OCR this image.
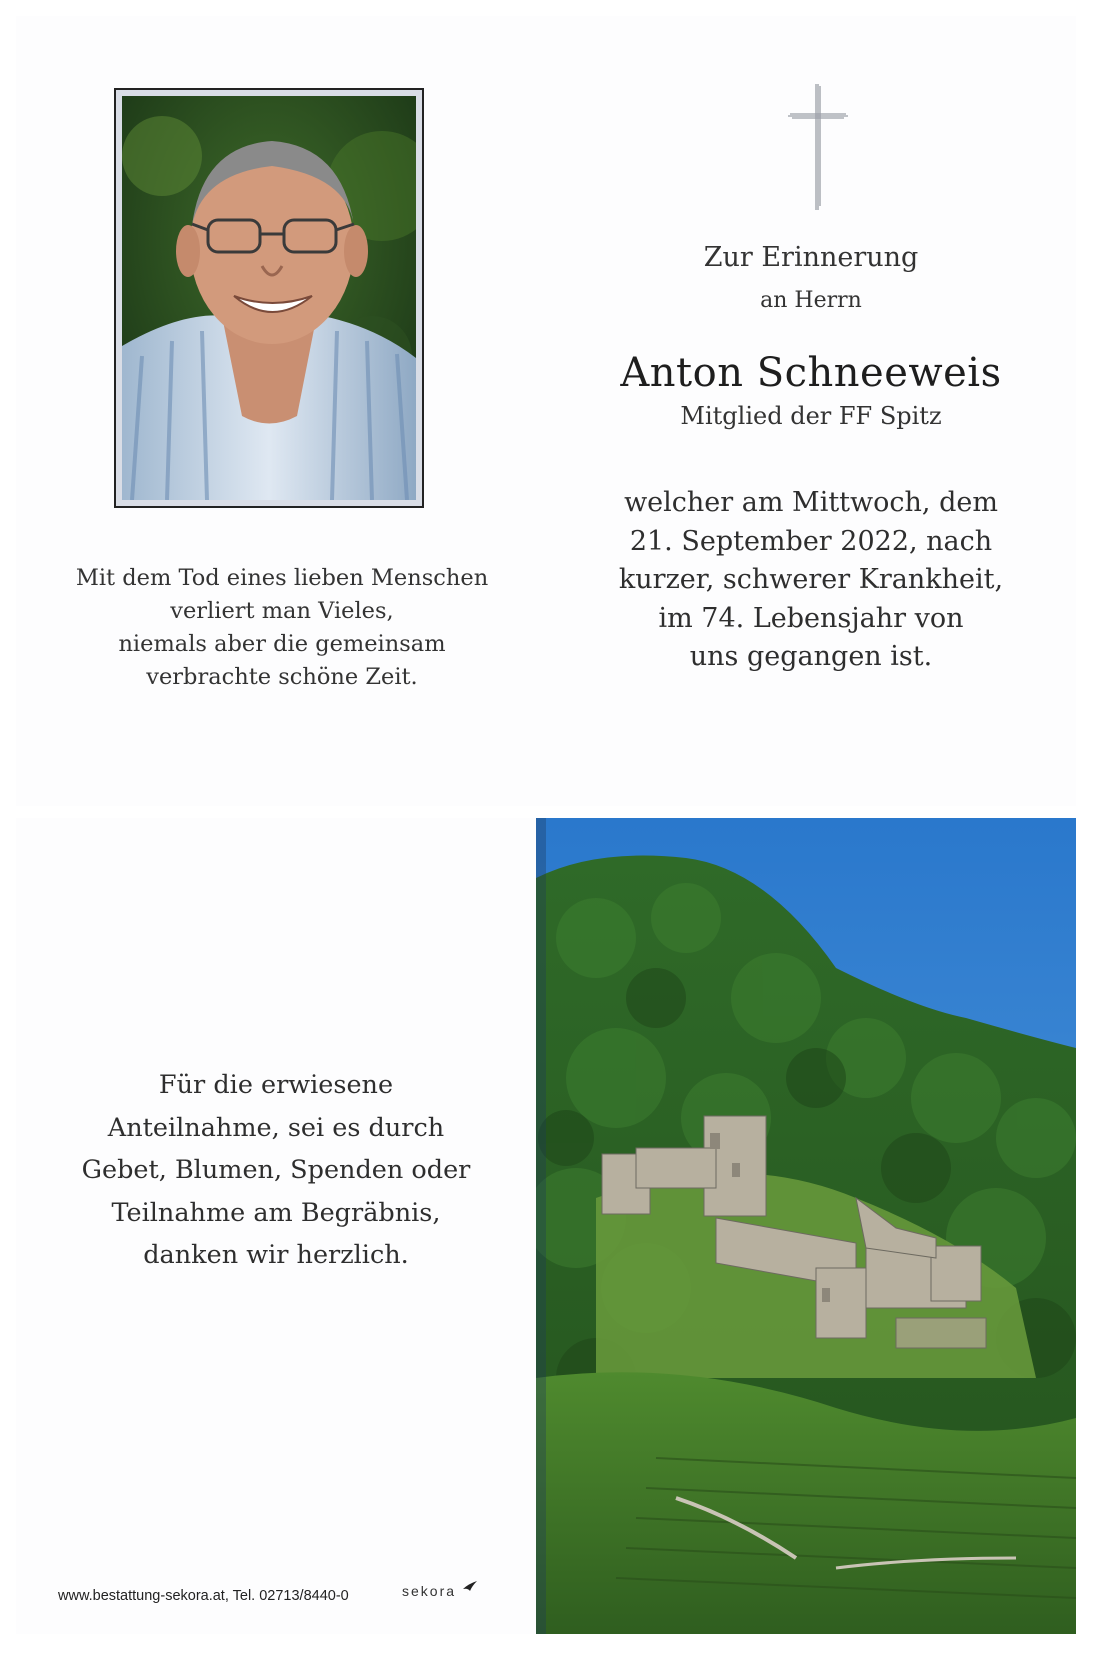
Mit dem Tod eines lieben Menschen
verliert man Vieles,
niemals aber die gemeinsam
verbrachte schöne Zeit.
Zur Erinnerung
an Herrn
Anton Schneeweis
Mitglied der FF Spitz
welcher am Mittwoch, dem
21. September 2022, nach
kurzer, schwerer Krankheit,
im 74. Lebensjahr von
uns gegangen ist.
Für die erwiesene
Anteilnahme, sei es durch
Gebet, Blumen, Spenden oder
Teilnahme am Begräbnis,
danken wir herzlich.
www.bestattung-sekora.at, Tel. 02713/8440-0	sekora
